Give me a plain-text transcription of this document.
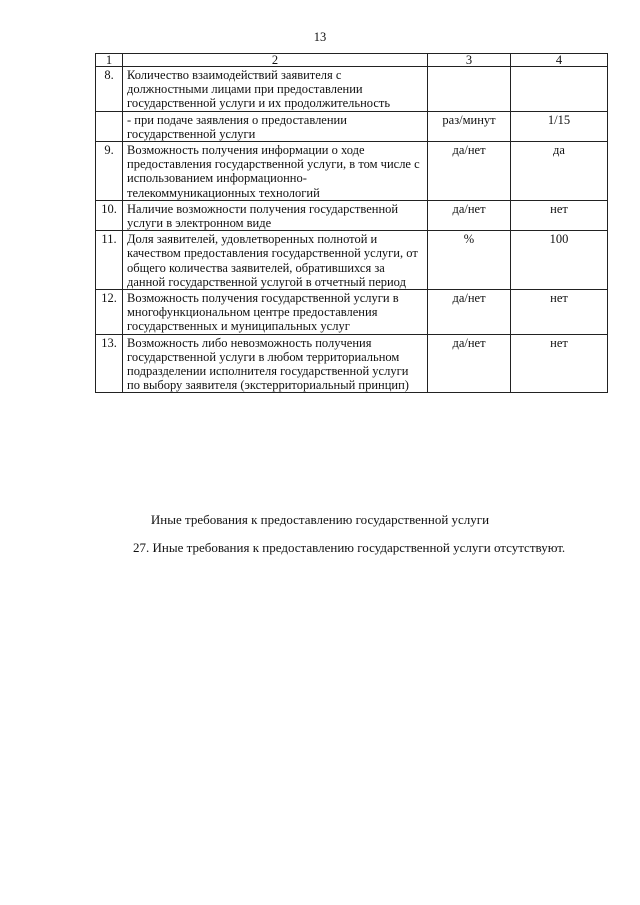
13
1	2	3	4
8.	Количество взаимодействий заявителя с должностными лицами при предоставлении государственной услуги и их продолжительность		
	- при подаче заявления о предоставлении государственной услуги	раз/минут	1/15
9.	Возможность получения информации о ходе предоставления государственной услуги, в том числе с использованием информационно-телекоммуникационных технологий	да/нет	да
10.	Наличие возможности получения государственной услуги в электронном виде	да/нет	нет
11.	Доля заявителей, удовлетворенных полнотой и качеством предоставления государственной услуги, от общего количества заявителей, обратившихся за данной государственной услугой в отчетный период	%	100
12.	Возможность получения государственной услуги в многофункциональном центре предоставления государственных и муниципальных услуг	да/нет	нет
13.	Возможность либо невозможность получения государственной услуги в любом территориальном подразделении исполнителя государственной услуги по выбору заявителя (экстерриториальный принцип)	да/нет	нет
Иные требования к предоставлению государственной услуги
27. Иные требования к предоставлению государственной услуги отсутствуют.
